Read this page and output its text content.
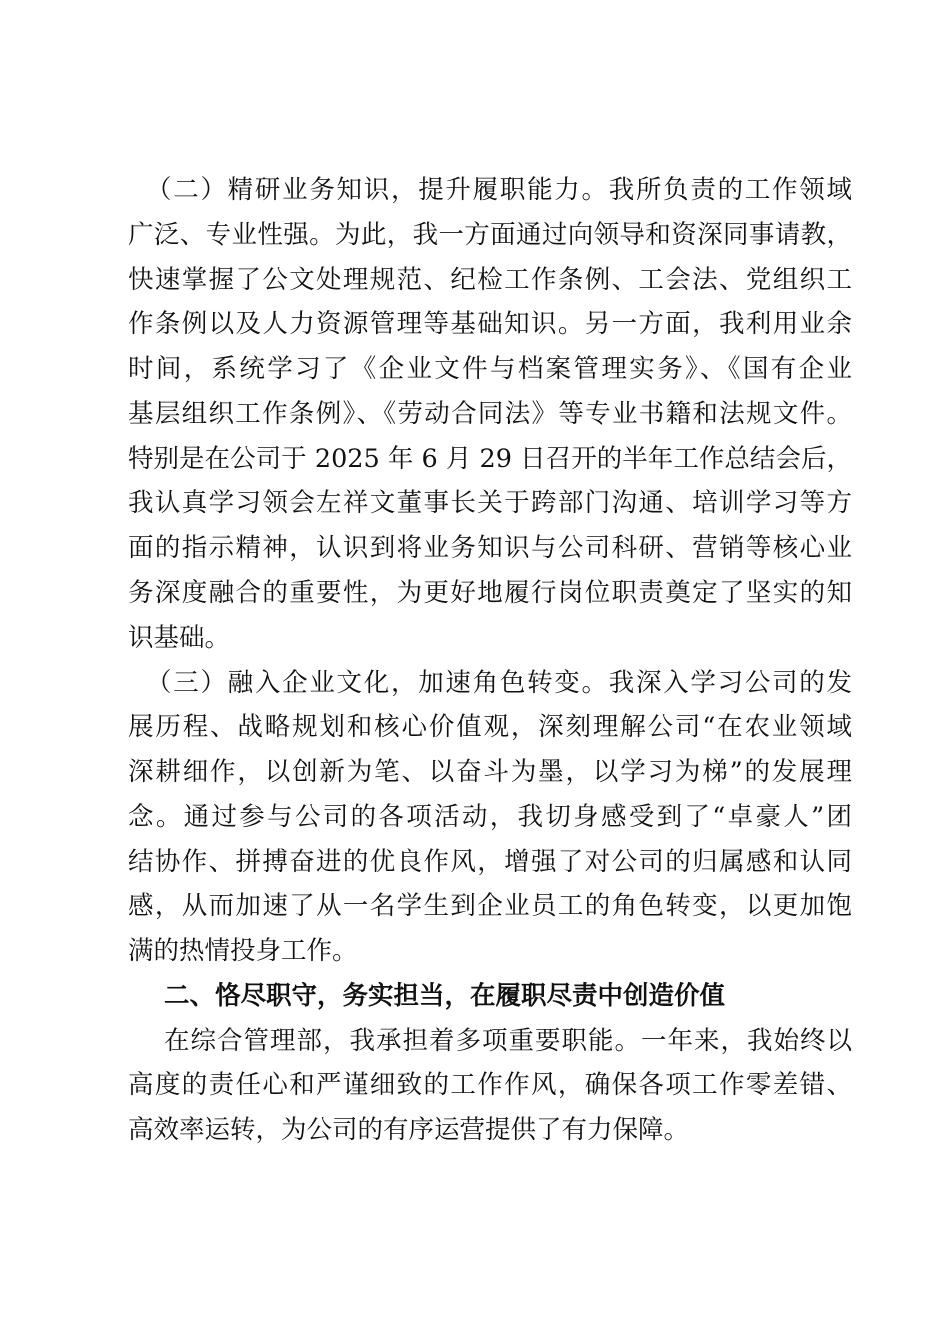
（二）精研业务知识，提升履职能力。我所负责的工作领域
广泛、专业性强。为此，我一方面通过向领导和资深同事请教，
快速掌握了公文处理规范、纪检工作条例、工会法、党组织工
作条例以及人力资源管理等基础知识。另一方面，我利用业余
时间，系统学习了《企业文件与档案管理实务》、《国有企业
基层组织工作条例》、《劳动合同法》等专业书籍和法规文件。
特别是在公司于 2025 年 6 月 29 日召开的半年工作总结会后，
我认真学习领会左祥文董事长关于跨部门沟通、培训学习等方
面的指示精神，认识到将业务知识与公司科研、营销等核心业
务深度融合的重要性，为更好地履行岗位职责奠定了坚实的知
识基础。
（三）融入企业文化，加速角色转变。我深入学习公司的发
展历程、战略规划和核心价值观，深刻理解公司“在农业领域
深耕细作，以创新为笔、以奋斗为墨，以学习为梯”的发展理
念。通过参与公司的各项活动，我切身感受到了“卓豪人”团
结协作、拼搏奋进的优良作风，增强了对公司的归属感和认同
感，从而加速了从一名学生到企业员工的角色转变，以更加饱
满的热情投身工作。
二、恪尽职守，务实担当，在履职尽责中创造价值
在综合管理部，我承担着多项重要职能。一年来，我始终以
高度的责任心和严谨细致的工作作风，确保各项工作零差错、
高效率运转，为公司的有序运营提供了有力保障。
